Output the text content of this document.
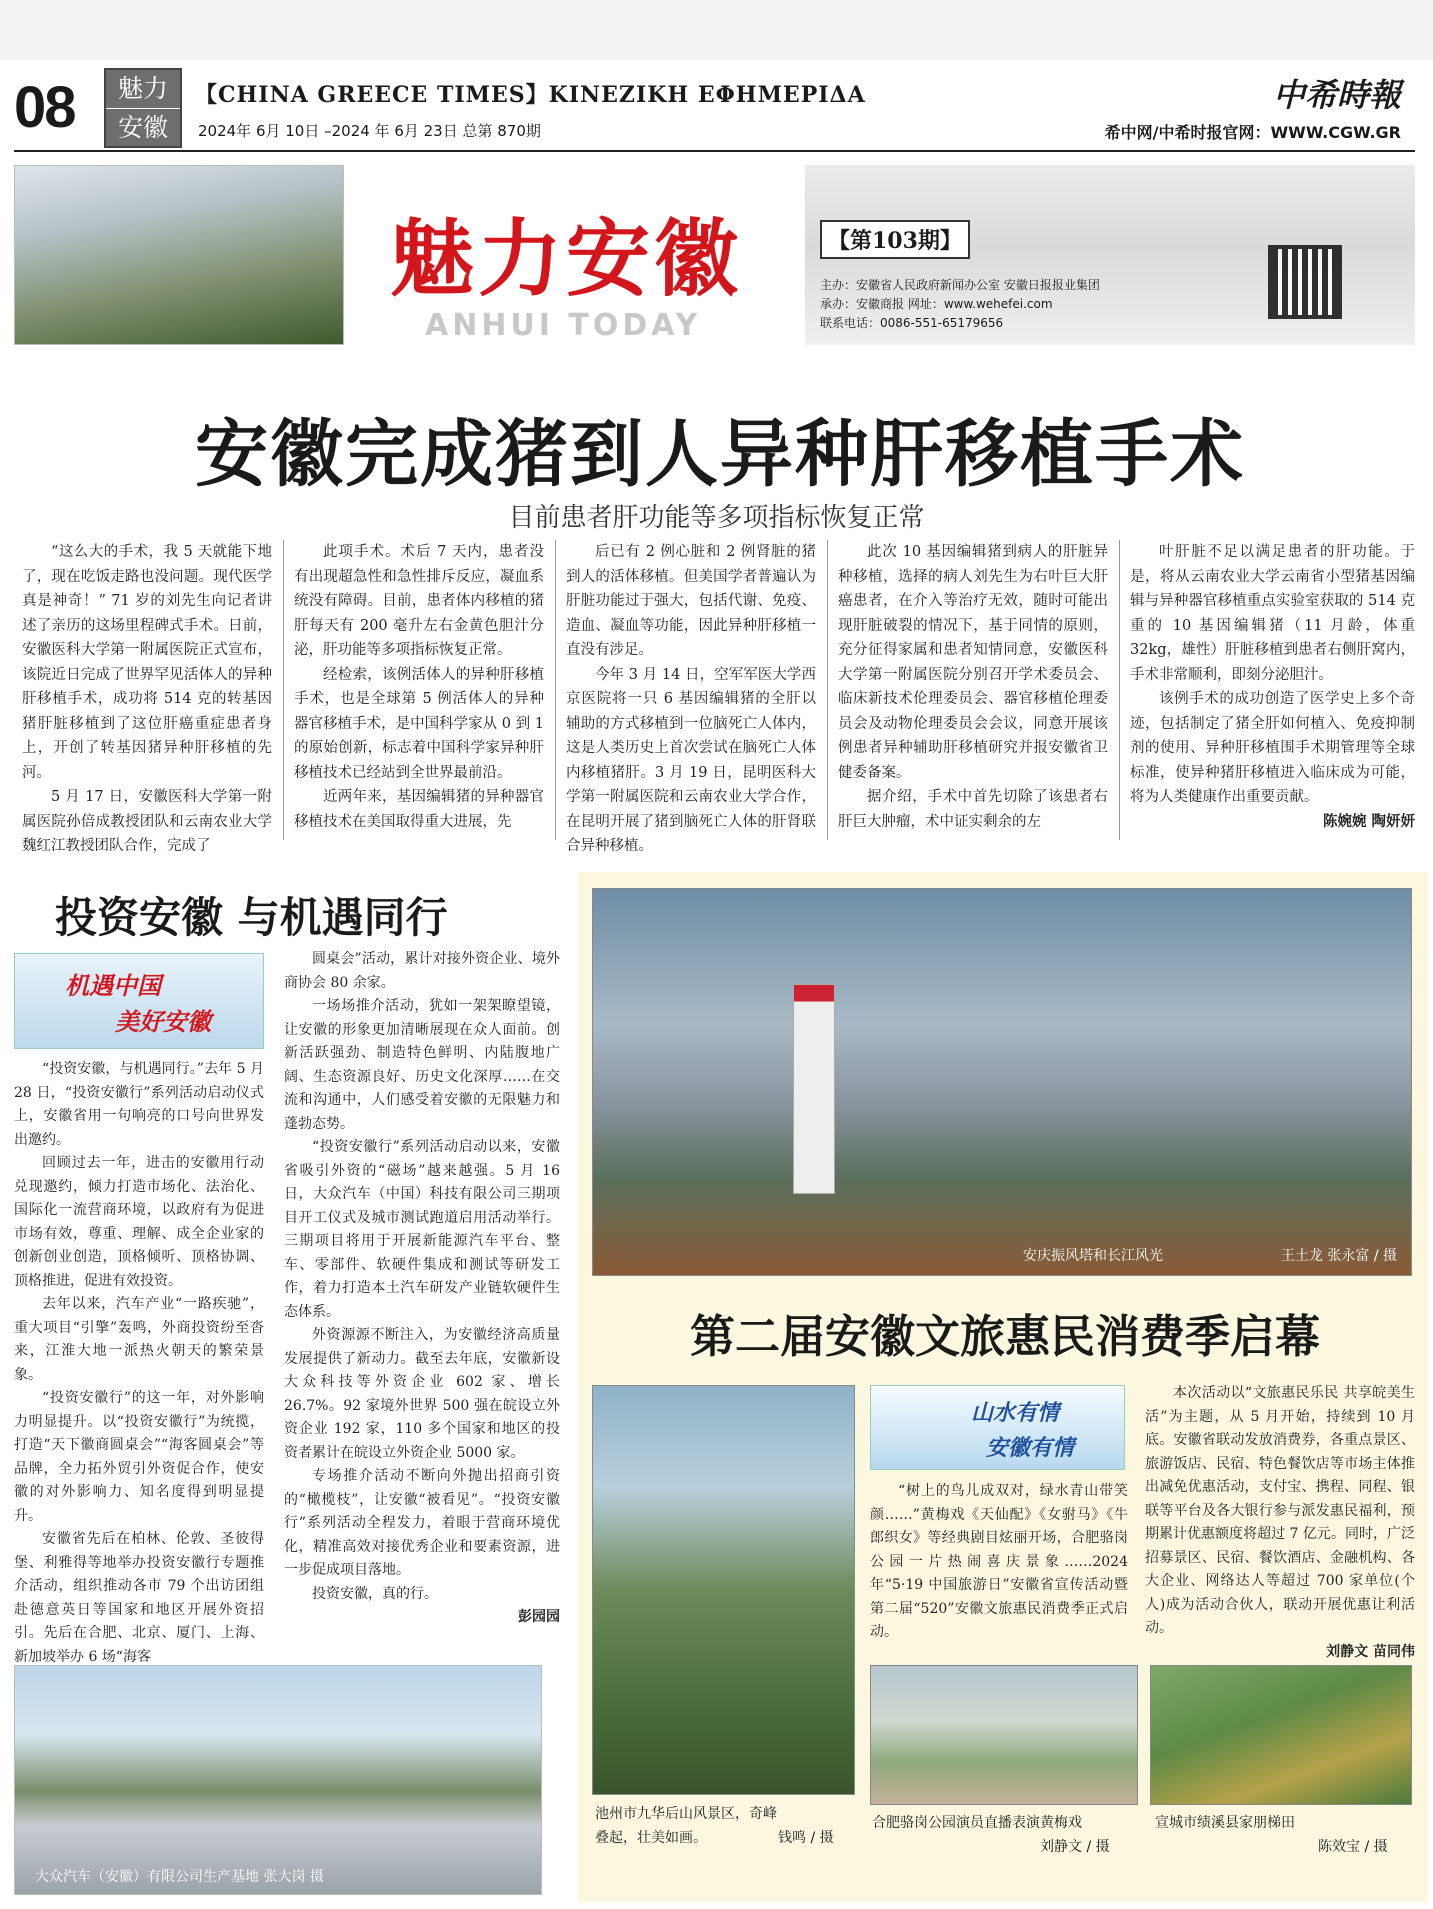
08	魅力
安徽
【CHINA GREECE TIMES】KINEZIKH ΕΦΗΜΕΡΙΔΑ
2024年 6月 10日 –2024 年 6月 23日 总第 870期
中希時報
希中网/中希时报官网：WWW.CGW.GR
魅力安徽
ANHUI TODAY
【第103期】
主办：安徽省人民政府新闻办公室 安徽日报报业集团
承办：安徽商报 网址：www.wehefei.com
联系电话：0086-551-65179656
安徽完成猪到人异种肝移植手术
目前患者肝功能等多项指标恢复正常

“这么大的手术，我 5 天就能下地了，现在吃饭走路也没问题。现代医学真是神奇！” 71 岁的刘先生向记者讲述了亲历的这场里程碑式手术。日前，安徽医科大学第一附属医院正式宣布，该院近日完成了世界罕见活体人的异种肝移植手术，成功将 514 克的转基因猪肝脏移植到了这位肝癌重症患者身上，开创了转基因猪异种肝移植的先河。

5 月 17 日，安徽医科大学第一附属医院孙倍成教授团队和云南农业大学魏红江教授团队合作，完成了

此项手术。术后 7 天内，患者没有出现超急性和急性排斥反应，凝血系统没有障碍。目前，患者体内移植的猪肝每天有 200 毫升左右金黄色胆汁分泌，肝功能等多项指标恢复正常。

经检索，该例活体人的异种肝移植手术，也是全球第 5 例活体人的异种器官移植手术，是中国科学家从 0 到 1 的原始创新，标志着中国科学家异种肝移植技术已经站到全世界最前沿。

近两年来，基因编辑猪的异种器官移植技术在美国取得重大进展，先

后已有 2 例心脏和 2 例肾脏的猪到人的活体移植。但美国学者普遍认为肝脏功能过于强大，包括代谢、免疫、造血、凝血等功能，因此异种肝移植一直没有涉足。

今年 3 月 14 日，空军军医大学西京医院将一只 6 基因编辑猪的全肝以辅助的方式移植到一位脑死亡人体内，这是人类历史上首次尝试在脑死亡人体内移植猪肝。3 月 19 日，昆明医科大学第一附属医院和云南农业大学合作，在昆明开展了猪到脑死亡人体的肝肾联合异种移植。

此次 10 基因编辑猪到病人的肝脏异种移植，选择的病人刘先生为右叶巨大肝癌患者，在介入等治疗无效，随时可能出现肝脏破裂的情况下，基于同情的原则，充分征得家属和患者知情同意，安徽医科大学第一附属医院分别召开学术委员会、临床新技术伦理委员会、器官移植伦理委员会及动物伦理委员会会议，同意开展该例患者异种辅助肝移植研究并报安徽省卫健委备案。

据介绍，手术中首先切除了该患者右肝巨大肿瘤，术中证实剩余的左

叶肝脏不足以满足患者的肝功能。于是，将从云南农业大学云南省小型猪基因编辑与异种器官移植重点实验室获取的 514 克重的 10 基因编辑猪（11 月龄，体重 32kg，雄性）肝脏移植到患者右侧肝窝内，手术非常顺利，即刻分泌胆汁。

该例手术的成功创造了医学史上多个奇迹，包括制定了猪全肝如何植入、免疫抑制剂的使用、异种肝移植围手术期管理等全球标准，使异种猪肝移植进入临床成为可能，将为人类健康作出重要贡献。

陈婉婉 陶妍妍
投资安徽 与机遇同行
机遇中国
美好安徽

“投资安徽，与机遇同行。”去年 5 月 28 日，“投资安徽行”系列活动启动仪式上，安徽省用一句响亮的口号向世界发出邀约。

回顾过去一年，进击的安徽用行动兑现邀约，倾力打造市场化、法治化、国际化一流营商环境，以政府有为促进市场有效，尊重、理解、成全企业家的创新创业创造，顶格倾听、顶格协调、顶格推进，促进有效投资。

去年以来，汽车产业“一路疾驰”，重大项目“引擎”轰鸣，外商投资纷至沓来，江淮大地一派热火朝天的繁荣景象。

“投资安徽行”的这一年，对外影响力明显提升。以“投资安徽行”为统揽，打造“天下徽商圆桌会”“海客圆桌会”等品牌，全力拓外贸引外资促合作，使安徽的对外影响力、知名度得到明显提升。

安徽省先后在柏林、伦敦、圣彼得堡、利雅得等地举办投资安徽行专题推介活动，组织推动各市 79 个出访团组赴德意英日等国家和地区开展外资招引。先后在合肥、北京、厦门、上海、新加坡举办 6 场“海客

圆桌会”活动，累计对接外资企业、境外商协会 80 余家。

一场场推介活动，犹如一架架瞭望镜，让安徽的形象更加清晰展现在众人面前。创新活跃强劲、制造特色鲜明、内陆腹地广阔、生态资源良好、历史文化深厚……在交流和沟通中，人们感受着安徽的无限魅力和蓬勃态势。

“投资安徽行”系列活动启动以来，安徽省吸引外资的“磁场”越来越强。5 月 16 日，大众汽车（中国）科技有限公司三期项目开工仪式及城市测试跑道启用活动举行。三期项目将用于开展新能源汽车平台、整车、零部件、软硬件集成和测试等研发工作，着力打造本土汽车研发产业链软硬件生态体系。

外资源源不断注入，为安徽经济高质量发展提供了新动力。截至去年底，安徽新设大众科技等外资企业 602 家、增长 26.7%。92 家境外世界 500 强在皖设立外资企业 192 家，110 多个国家和地区的投资者累计在皖设立外资企业 5000 家。

专场推介活动不断向外抛出招商引资的“橄榄枝”，让安徽“被看见”。“投资安徽行”系列活动全程发力，着眼于营商环境优化，精准高效对接优秀企业和要素资源，进一步促成项目落地。

投资安徽，真的行。

彭园园
大众汽车（安徽）有限公司生产基地 张大岗 摄
安庆振风塔和长江风光	王土龙 张永富 / 摄
第二届安徽文旅惠民消费季启幕
池州市九华后山风景区，奇峰
叠起，壮美如画。	钱鸣 / 摄
山水有情
安徽有情

“树上的鸟儿成双对，绿水青山带笑颜……”黄梅戏《天仙配》《女驸马》《牛郎织女》等经典剧目炫丽开场，合肥骆岗公园一片热闹喜庆景象……2024 年“5·19 中国旅游日”安徽省宣传活动暨第二届“520”安徽文旅惠民消费季正式启动。

本次活动以“文旅惠民乐民 共享皖美生活”为主题，从 5 月开始，持续到 10 月底。安徽省联动发放消费券，各重点景区、旅游饭店、民宿、特色餐饮店等市场主体推出减免优惠活动，支付宝、携程、同程、银联等平台及各大银行参与派发惠民福利，预期累计优惠额度将超过 7 亿元。同时，广泛招募景区、民宿、餐饮酒店、金融机构、各大企业、网络达人等超过 700 家单位(个人)成为活动合伙人，联动开展优惠让利活动。

刘静文 苗同伟
合肥骆岗公园演员直播表演黄梅戏
刘静文 / 摄
宣城市绩溪县家朋梯田
陈效宝 / 摄
